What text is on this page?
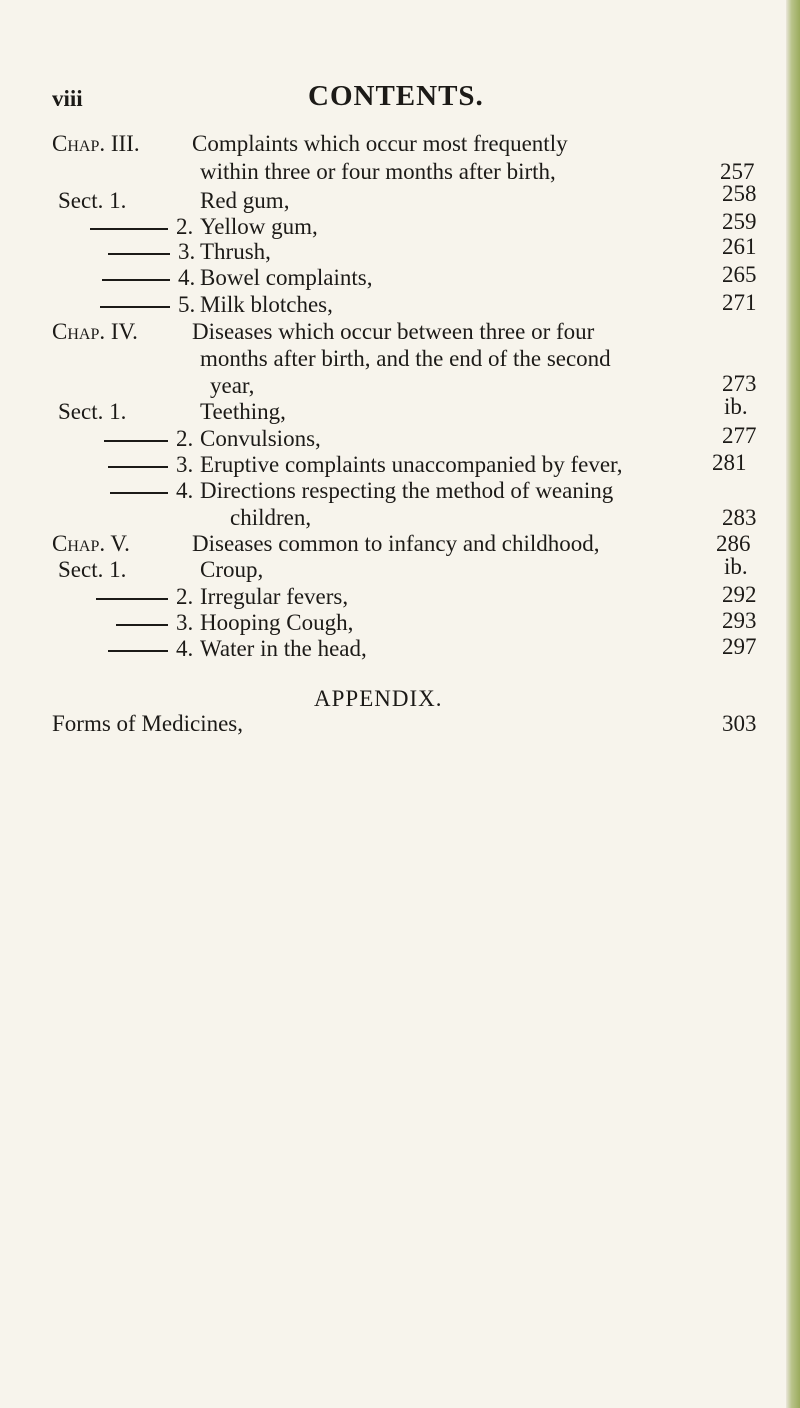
viii	CONTENTS.
Chap. III. Complaints which occur most frequently
within three or four months after birth,	257
Sect. 1.	Red gum,	258
2. Yellow gum,	259
3. Thrush,	261
4. Bowel complaints,	265
5. Milk blotches,	271
Chap. IV. Diseases which occur between three or four
months after birth, and the end of the second
year,	273
Sect. 1.	Teething,	ib.
2. Convulsions,	277
3. Eruptive complaints unaccompanied by fever,	281
4. Directions respecting the method of weaning
children,	283
Chap. V.	Diseases common to infancy and childhood,	286
Sect. 1.	Croup,	ib.
2. Irregular fevers,	292
3. Hooping Cough,	293
4. Water in the head,	297
APPENDIX.
Forms of Medicines,	303
